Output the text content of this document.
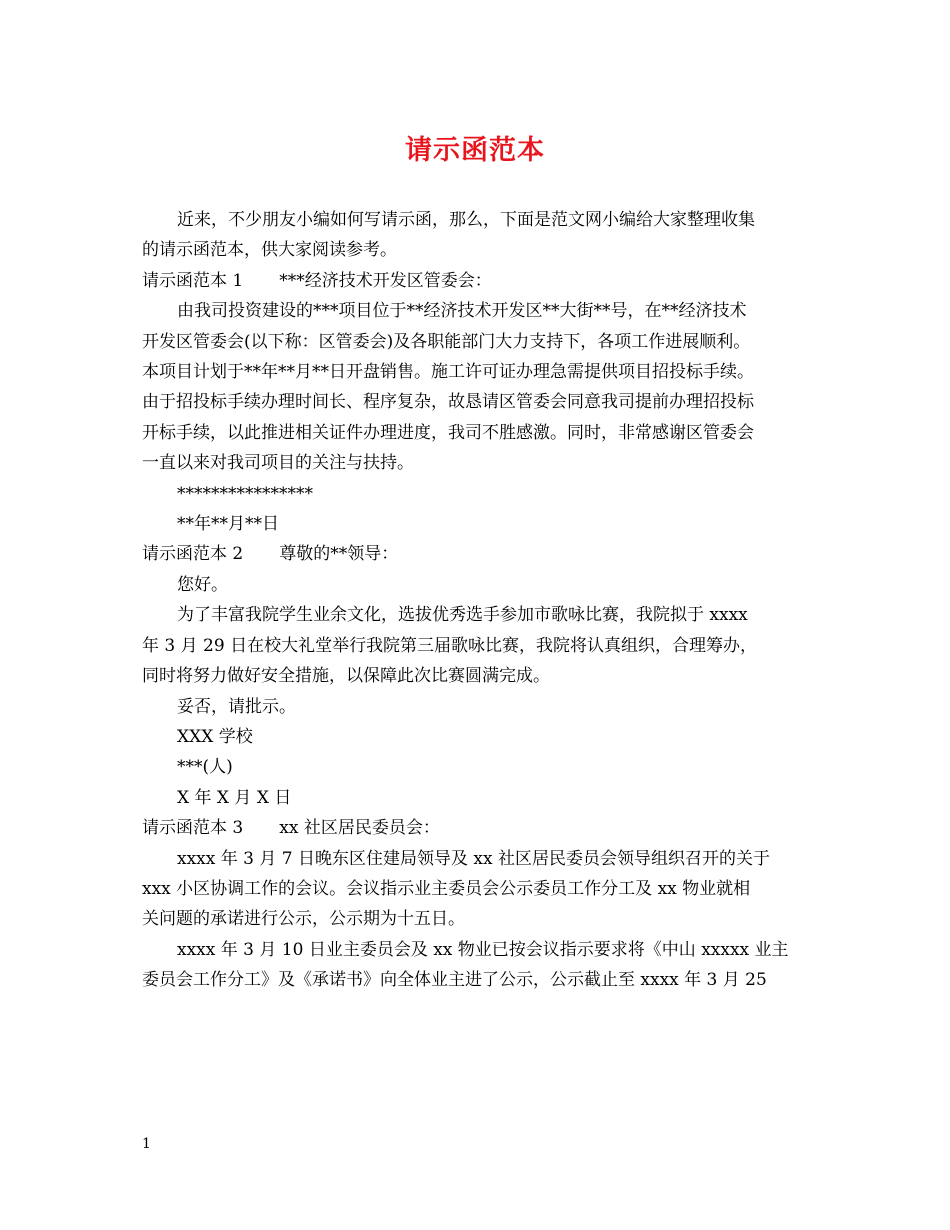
请示函范本
近来，不少朋友小编如何写请示函，那么，下面是范文网小编给大家整理收集
的请示函范本，供大家阅读参考。
请示函范本 1 ***经济技术开发区管委会：
由我司投资建设的***项目位于**经济技术开发区**大街**号，在**经济技术
开发区管委会(以下称：区管委会)及各职能部门大力支持下，各项工作进展顺利。
本项目计划于**年**月**日开盘销售。施工许可证办理急需提供项目招投标手续。
由于招投标手续办理时间长、程序复杂，故恳请区管委会同意我司提前办理招投标
开标手续，以此推进相关证件办理进度，我司不胜感激。同时，非常感谢区管委会
一直以来对我司项目的关注与扶持。
****************
**年**月**日
请示函范本 2 尊敬的**领导：
您好。
为了丰富我院学生业余文化，选拔优秀选手参加市歌咏比赛，我院拟于 xxxx
年 3 月 29 日在校大礼堂举行我院第三届歌咏比赛，我院将认真组织，合理筹办，
同时将努力做好安全措施，以保障此次比赛圆满完成。
妥否，请批示。
XXX 学校
***(人)
X 年 X 月 X 日
请示函范本 3 xx 社区居民委员会：
xxxx 年 3 月 7 日晚东区住建局领导及 xx 社区居民委员会领导组织召开的关于
xxx 小区协调工作的会议。会议指示业主委员会公示委员工作分工及 xx 物业就相
关问题的承诺进行公示，公示期为十五日。
xxxx 年 3 月 10 日业主委员会及 xx 物业已按会议指示要求将《中山 xxxxx 业主
委员会工作分工》及《承诺书》向全体业主进了公示，公示截止至 xxxx 年 3 月 25
1
